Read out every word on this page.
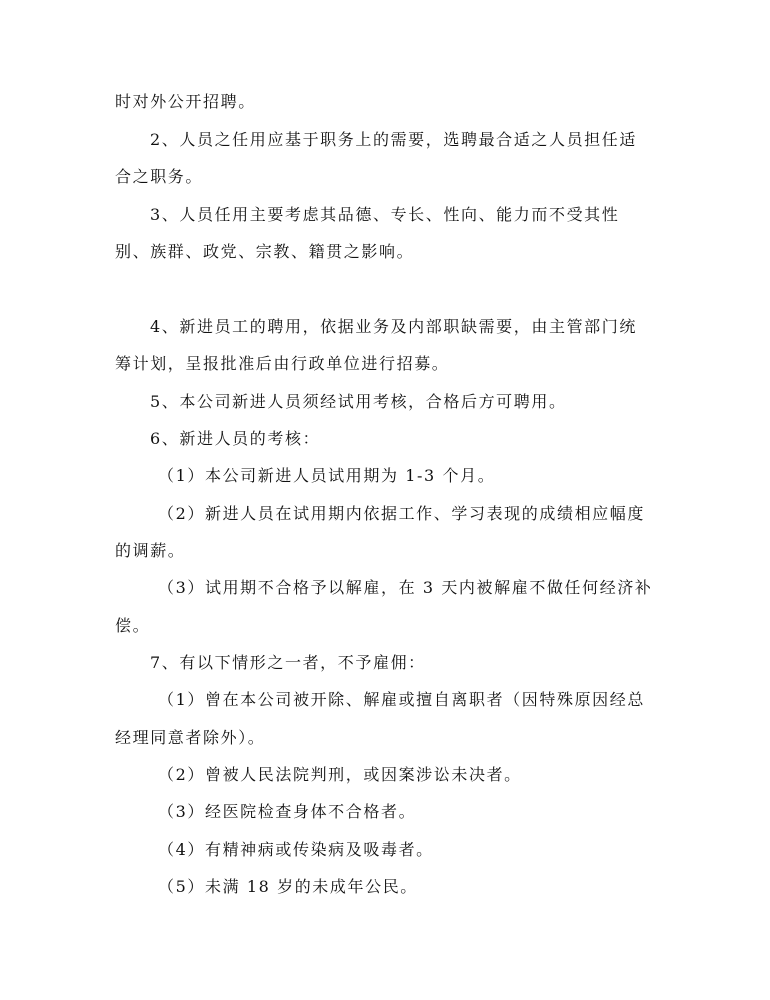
时对外公开招聘。
2、人员之任用应基于职务上的需要，选聘最合适之人员担任适
合之职务。
3、人员任用主要考虑其品德、专长、性向、能力而不受其性
别、族群、政党、宗教、籍贯之影响。
4、新进员工的聘用，依据业务及内部职缺需要，由主管部门统
筹计划，呈报批准后由行政单位进行招募。
5、本公司新进人员须经试用考核，合格后方可聘用。
6、新进人员的考核：
（1）本公司新进人员试用期为 1-3 个月。
（2）新进人员在试用期内依据工作、学习表现的成绩相应幅度
的调薪。
（3）试用期不合格予以解雇，在 3 天内被解雇不做任何经济补
偿。
7、有以下情形之一者，不予雇佣：
（1）曾在本公司被开除、解雇或擅自离职者（因特殊原因经总
经理同意者除外）。
（2）曾被人民法院判刑，或因案涉讼未决者。
（3）经医院检查身体不合格者。
（4）有精神病或传染病及吸毒者。
（5）未满 18 岁的未成年公民。
